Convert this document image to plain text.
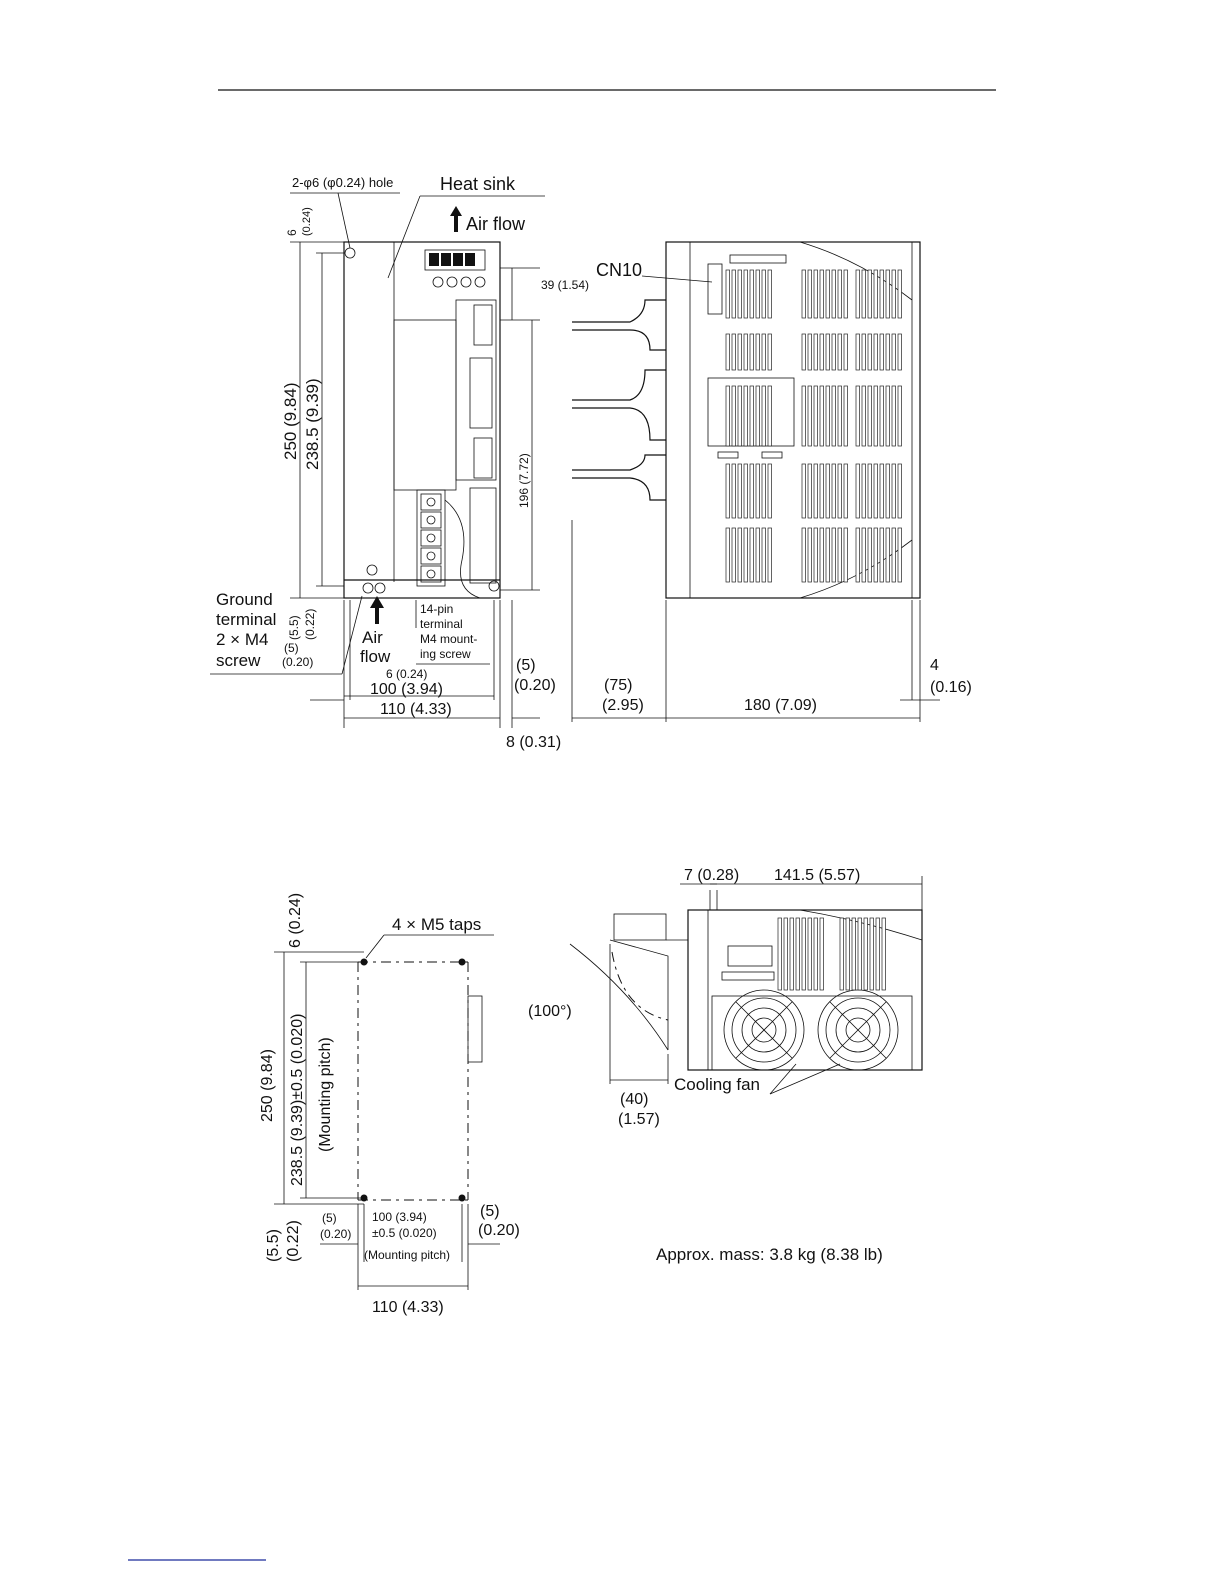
2-φ6 (φ0.24) hole	Heat sink
Air flow
6 (0.24)
39 (1.54)
250 (9.84) 238.5 (9.39)
196 (7.72)
Ground
terminal
2 × M4
screw
(5.5) (0.22)
(5)
(0.20)
Air
flow
14-pin
terminal
M4 mount-
ing screw
6 (0.24)
100 (3.94)
110 (4.33)
(5)
(0.20)
8 (0.31)
CN10
(75)
(2.95)	180 (7.09)
4
(0.16)
6 (0.24)	4 × M5 taps
250 (9.84) 238.5 (9.39)±0.5 (0.020) (Mounting pitch)
(5.5) (0.22)
(5)
(0.20)
100 (3.94)
±0.5 (0.020)
(Mounting pitch)
(5)
(0.20)
110 (4.33)
7 (0.28) 141.5 (5.57)
(100°)
(40)
(1.57)
Cooling fan
Approx. mass: 3.8 kg (8.38 lb)
